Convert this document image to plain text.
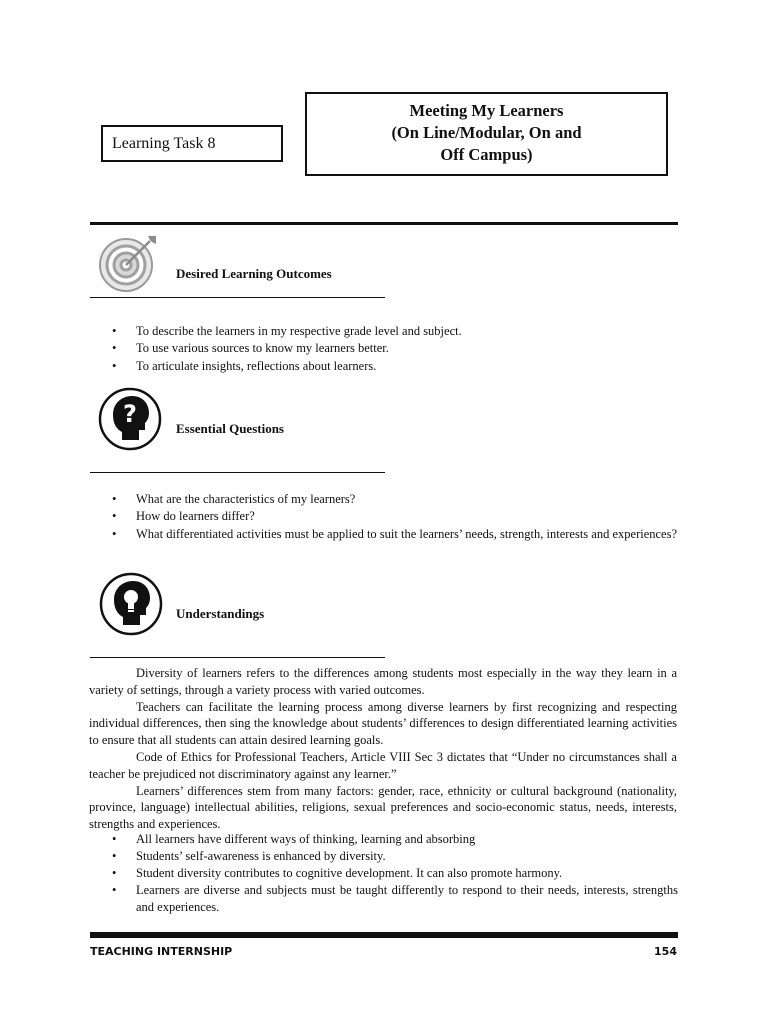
Learning Task 8
Meeting My Learners
(On Line/Modular, On and
Off Campus)
Desired Learning Outcomes
• To describe the learners in my respective grade level and subject.
• To use various sources to know my learners better.
• To articulate insights, reflections about learners.
?
Essential Questions
• What are the characteristics of my learners?
• How do learners differ?
• What differentiated activities must be applied to suit the learners’ needs, strength, interests and experiences?
Understandings

Diversity of learners refers to the differences among students most especially in the way they learn in a variety of settings, through a variety process with varied outcomes.

Teachers can facilitate the learning process among diverse learners by first recognizing and respecting individual differences, then sing the knowledge about students’ differences to design differentiated learning activities to ensure that all students can attain desired learning goals.

Code of Ethics for Professional Teachers, Article VIII Sec 3 dictates that “Under no circumstances shall a teacher be prejudiced not discriminatory against any learner.”

Learners’ differences stem from many factors: gender, race, ethnicity or cultural background (nationality, province, language) intellectual abilities, religions, sexual preferences and socio-economic status, needs, interests, strengths and experiences.

• All learners have different ways of thinking, learning and absorbing
• Students’ self-awareness is enhanced by diversity.
• Student diversity contributes to cognitive development. It can also promote harmony.
• Learners are diverse and subjects must be taught differently to respond to their needs, interests, strengths and experiences.
TEACHING INTERNSHIP	154
